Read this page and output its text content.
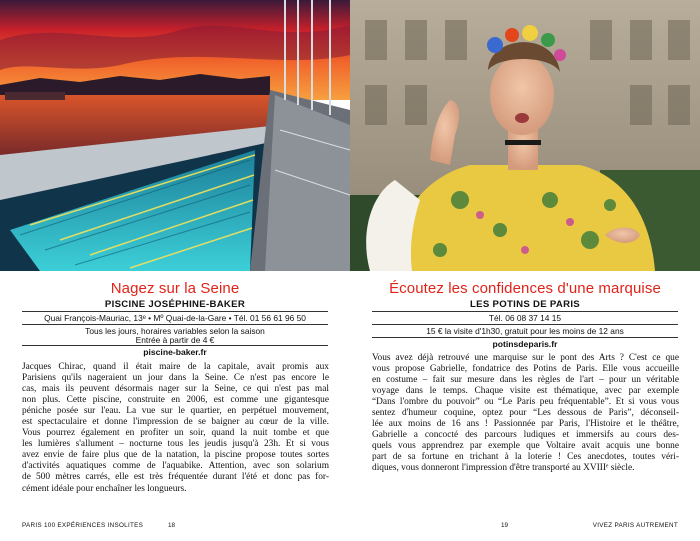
Nagez sur la Seine
PISCINE JOSÉPHINE-BAKER
Quai François-Mauriac, 13ᵉ • Mº Quai-de-la-Gare • Tél. 01 56 61 96 50
Tous les jours, horaires variables selon la saison
Entrée à partir de 4 €
piscine-baker.fr
Jacques Chirac, quand il était maire de la capitale, avait promis aux
Parisiens qu'ils nageraient un jour dans la Seine. Ce n'est pas encore le
cas, mais ils peuvent désormais nager sur la Seine, ce qui n'est pas mal
non plus. Cette piscine, construite en 2006, est comme une gigantesque
péniche posée sur l'eau. La vue sur le quartier, en perpétuel mouvement,
est spectaculaire et donne l'impression de se baigner au cœur de la ville.
Vous pourrez également en profiter un soir, quand la nuit tombe et que
les lumières s'allument – nocturne tous les jeudis jusqu'à 23h. Et si vous
avez envie de faire plus que de la natation, la piscine propose toutes sortes
d'activités aquatiques comme de l'aquabike. Attention, avec son solarium
de 500 mètres carrés, elle est très fréquentée durant l'été et donc pas for-
cément idéale pour enchaîner les longueurs.
PARIS 100 EXPÉRIENCES INSOLITES	18
Écoutez les confidences d'une marquise
LES POTINS DE PARIS
Tél. 06 08 37 14 15
15 € la visite d'1h30, gratuit pour les moins de 12 ans
potinsdeparis.fr
Vous avez déjà retrouvé une marquise sur le pont des Arts ? C'est ce que
vous propose Gabrielle, fondatrice des Potins de Paris. Elle vous accueille
en costume – fait sur mesure dans les règles de l'art – pour un véritable
voyage dans le temps. Chaque visite est thématique, avec par exemple
“Dans l'ombre du pouvoir” ou “Le Paris peu fréquentable”. Et si vous vous
sentez d'humeur coquine, optez pour “Les dessous de Paris”, déconseil-
lée aux moins de 16 ans ! Passionnée par Paris, l'Histoire et le théâtre,
Gabrielle a concocté des parcours ludiques et immersifs au cours des-
quels vous apprendrez par exemple que Voltaire avait acquis une bonne
part de sa fortune en trichant à la loterie ! Ces anecdotes, toutes véri-
diques, vous donneront l'impression d'être transporté au XVIIIᵉ siècle.
19	VIVEZ PARIS AUTREMENT
